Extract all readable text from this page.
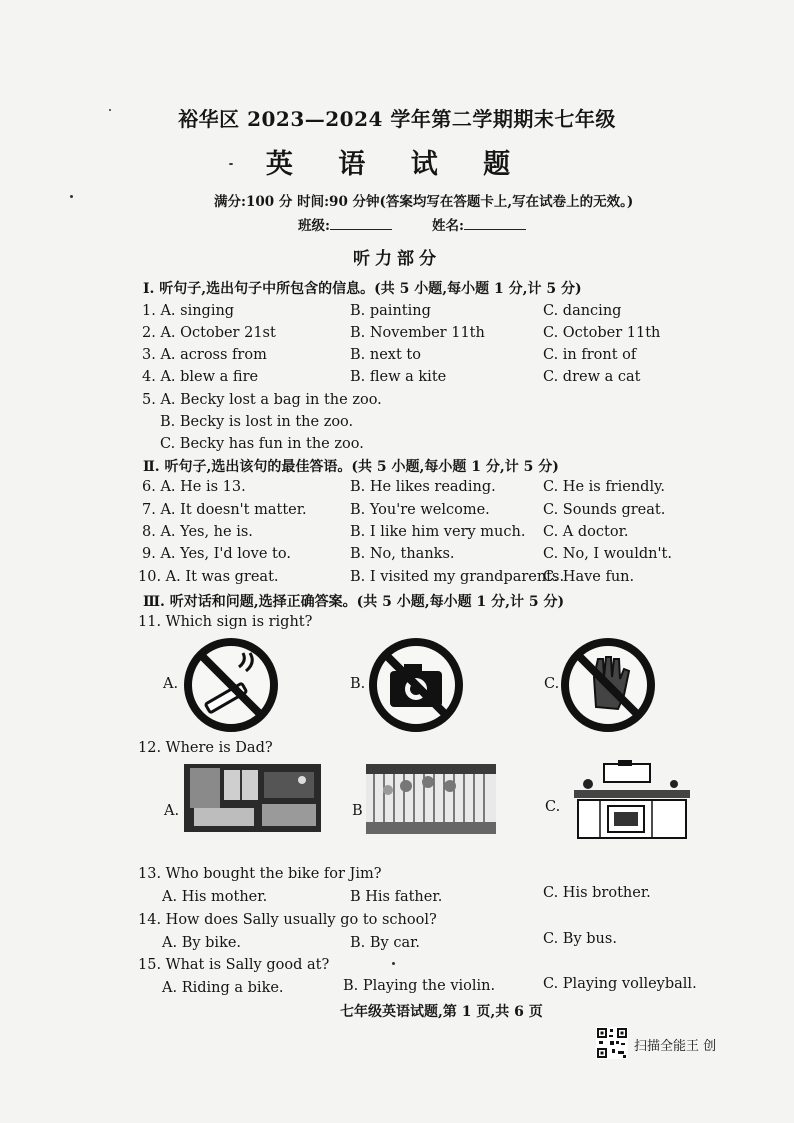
裕华区 2023—2024 学年第二学期期末七年级
英 语 试 题
满分:100 分 时间:90 分钟(答案均写在答题卡上,写在试卷上的无效。)
班级:	姓名:
听力部分
Ⅰ. 听句子,选出句子中所包含的信息。(共 5 小题,每小题 1 分,计 5 分)
1. A. singing	B. painting	C. dancing
2. A. October 21st	B. November 11th	C. October 11th
3. A. across from	B. next to	C. in front of
4. A. blew a fire	B. flew a kite	C. drew a cat
5. A. Becky lost a bag in the zoo.
B. Becky is lost in the zoo.
C. Becky has fun in the zoo.
Ⅱ. 听句子,选出该句的最佳答语。(共 5 小题,每小题 1 分,计 5 分)
6. A. He is 13.	B. He likes reading.	C. He is friendly.
7. A. It doesn't matter.	B. You're welcome.	C. Sounds great.
8. A. Yes, he is.	B. I like him very much. C. A doctor.
9. A. Yes, I'd love to.	B. No, thanks.	C. No, I wouldn't.
10. A. It was great.	B. I visited my grandparents.
C. Have fun.
Ⅲ. 听对话和问题,选择正确答案。(共 5 小题,每小题 1 分,计 5 分)
11. Which sign is right?
A.	B.	C.
12. Where is Dad?
A.	B	C.
13. Who bought the bike for Jim?
A. His mother.	B His father.	C. His brother.
14. How does Sally usually go to school?
A. By bike.	B. By car.	C. By bus.
15. What is Sally good at?
A. Riding a bike.	B. Playing the violin.	C. Playing volleyball.
七年级英语试题,第 1 页,共 6 页
扫描全能王 创
